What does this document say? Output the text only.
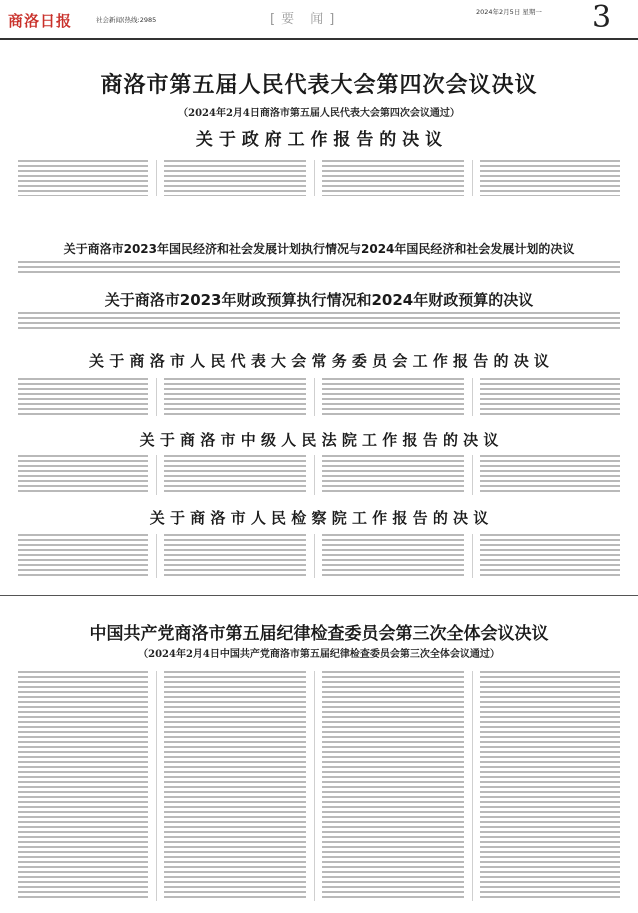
商洛日报	社会新闻(热线:2985	[要 闻]	2024年2月5日 星期一 3
商洛市第五届人民代表大会第四次会议决议
（2024年2月4日商洛市第五届人民代表大会第四次会议通过）
关 于 政 府 工 作 报 告 的 决 议
关于商洛市2023年国民经济和社会发展计划执行情况与2024年国民经济和社会发展计划的决议
关于商洛市2023年财政预算执行情况和2024年财政预算的决议
关 于 商 洛 市 人 民 代 表 大 会 常 务 委 员 会 工 作 报 告 的 决 议
关 于 商 洛 市 中 级 人 民 法 院 工 作 报 告 的 决 议
关 于 商 洛 市 人 民 检 察 院 工 作 报 告 的 决 议
中国共产党商洛市第五届纪律检查委员会第三次全体会议决议
（2024年2月4日中国共产党商洛市第五届纪律检查委员会第三次全体会议通过）
